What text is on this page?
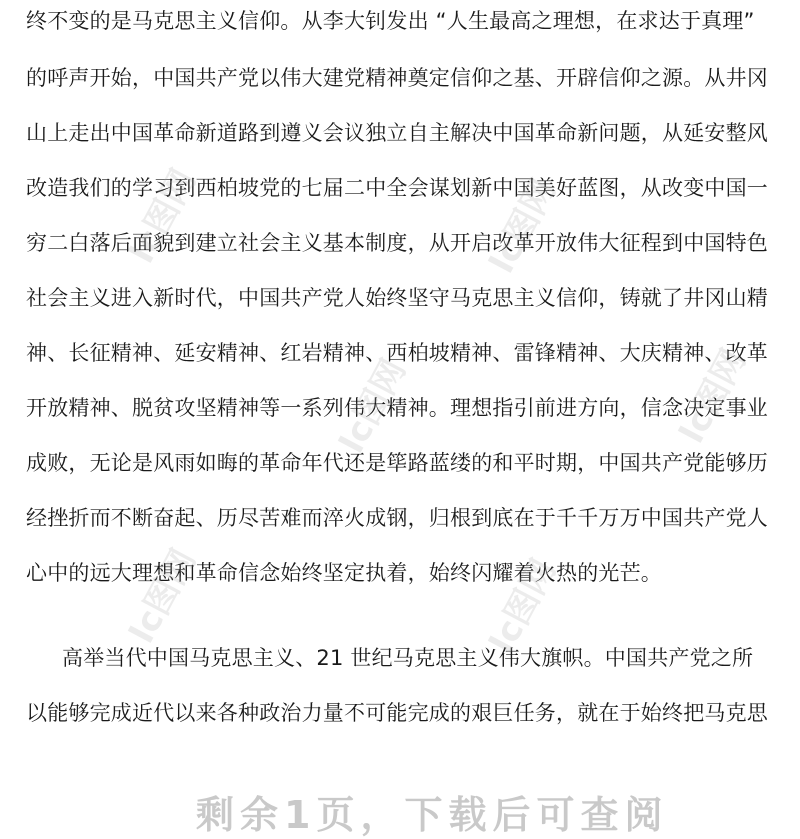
终不变的是马克思主义信仰。从李大钊发出 “人生最高之理想，在求达于真理”
的呼声开始，中国共产党以伟大建党精神奠定信仰之基、开辟信仰之源。从井冈
山上走出中国革命新道路到遵义会议独立自主解决中国革命新问题，从延安整风
改造我们的学习到西柏坡党的七届二中全会谋划新中国美好蓝图，从改变中国一
穷二白落后面貌到建立社会主义基本制度，从开启改革开放伟大征程到中国特色
社会主义进入新时代，中国共产党人始终坚守马克思主义信仰，铸就了井冈山精
神、长征精神、延安精神、红岩精神、西柏坡精神、雷锋精神、大庆精神、改革
开放精神、脱贫攻坚精神等一系列伟大精神。理想指引前进方向，信念决定事业
成败，无论是风雨如晦的革命年代还是筚路蓝缕的和平时期，中国共产党能够历
经挫折而不断奋起、历尽苦难而淬火成钢，归根到底在于千千万万中国共产党人
心中的远大理想和革命信念始终坚定执着，始终闪耀着火热的光芒。
高举当代中国马克思主义、21 世纪马克思主义伟大旗帜。中国共产党之所
以能够完成近代以来各种政治力量不可能完成的艰巨任务，就在于始终把马克思
lc图网	lc图网
lc图网
lc图网	lc图网
lc图网
剩余1页，下载后可查阅
